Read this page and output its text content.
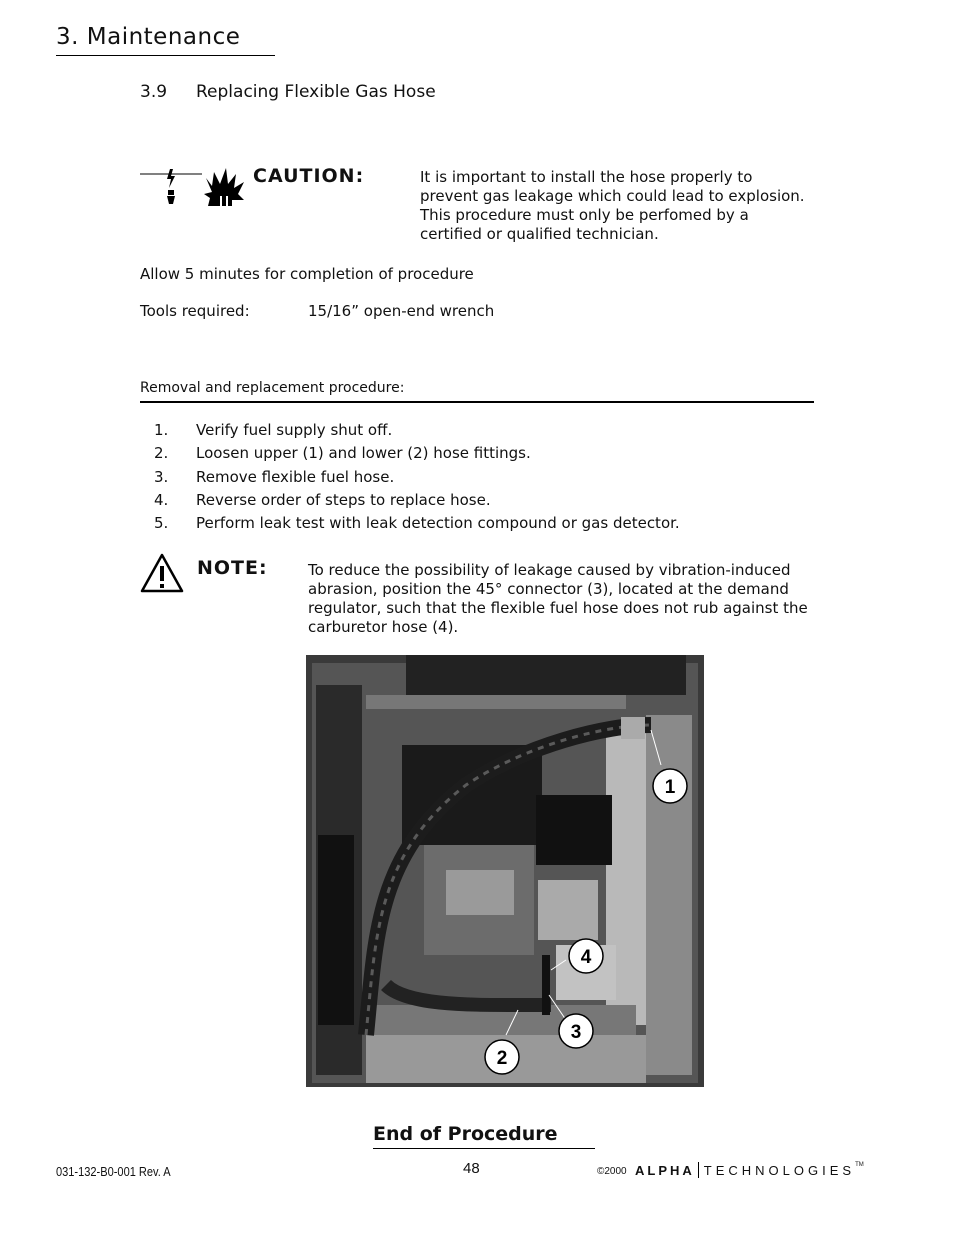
3. Maintenance
3.9 Replacing Flexible Gas Hose
CAUTION:	It is important to install the hose properly to prevent gas leakage which could lead to explosion. This procedure must only be perfomed by a certified or qualified technician.
Allow 5 minutes for completion of procedure
Tools required:	15/16” open-end wrench
Removal and replacement procedure:
1.	Verify fuel supply shut off.
2.	Loosen upper (1) and lower (2) hose fittings.
3.	Remove flexible fuel hose.
4.	Reverse order of steps to replace hose.
5.	Perform leak test with leak detection compound or gas detector.
NOTE:	To reduce the possibility of leakage caused by vibration-induced abrasion, position the 45° connector (3), located at the demand regulator, such that the flexible fuel hose does not rub against the carburetor hose (4).
1
4
3
2
End of Procedure
031-132-B0-001 Rev. A	48	©2000 ALPHA TECHNOLOGIES TM
